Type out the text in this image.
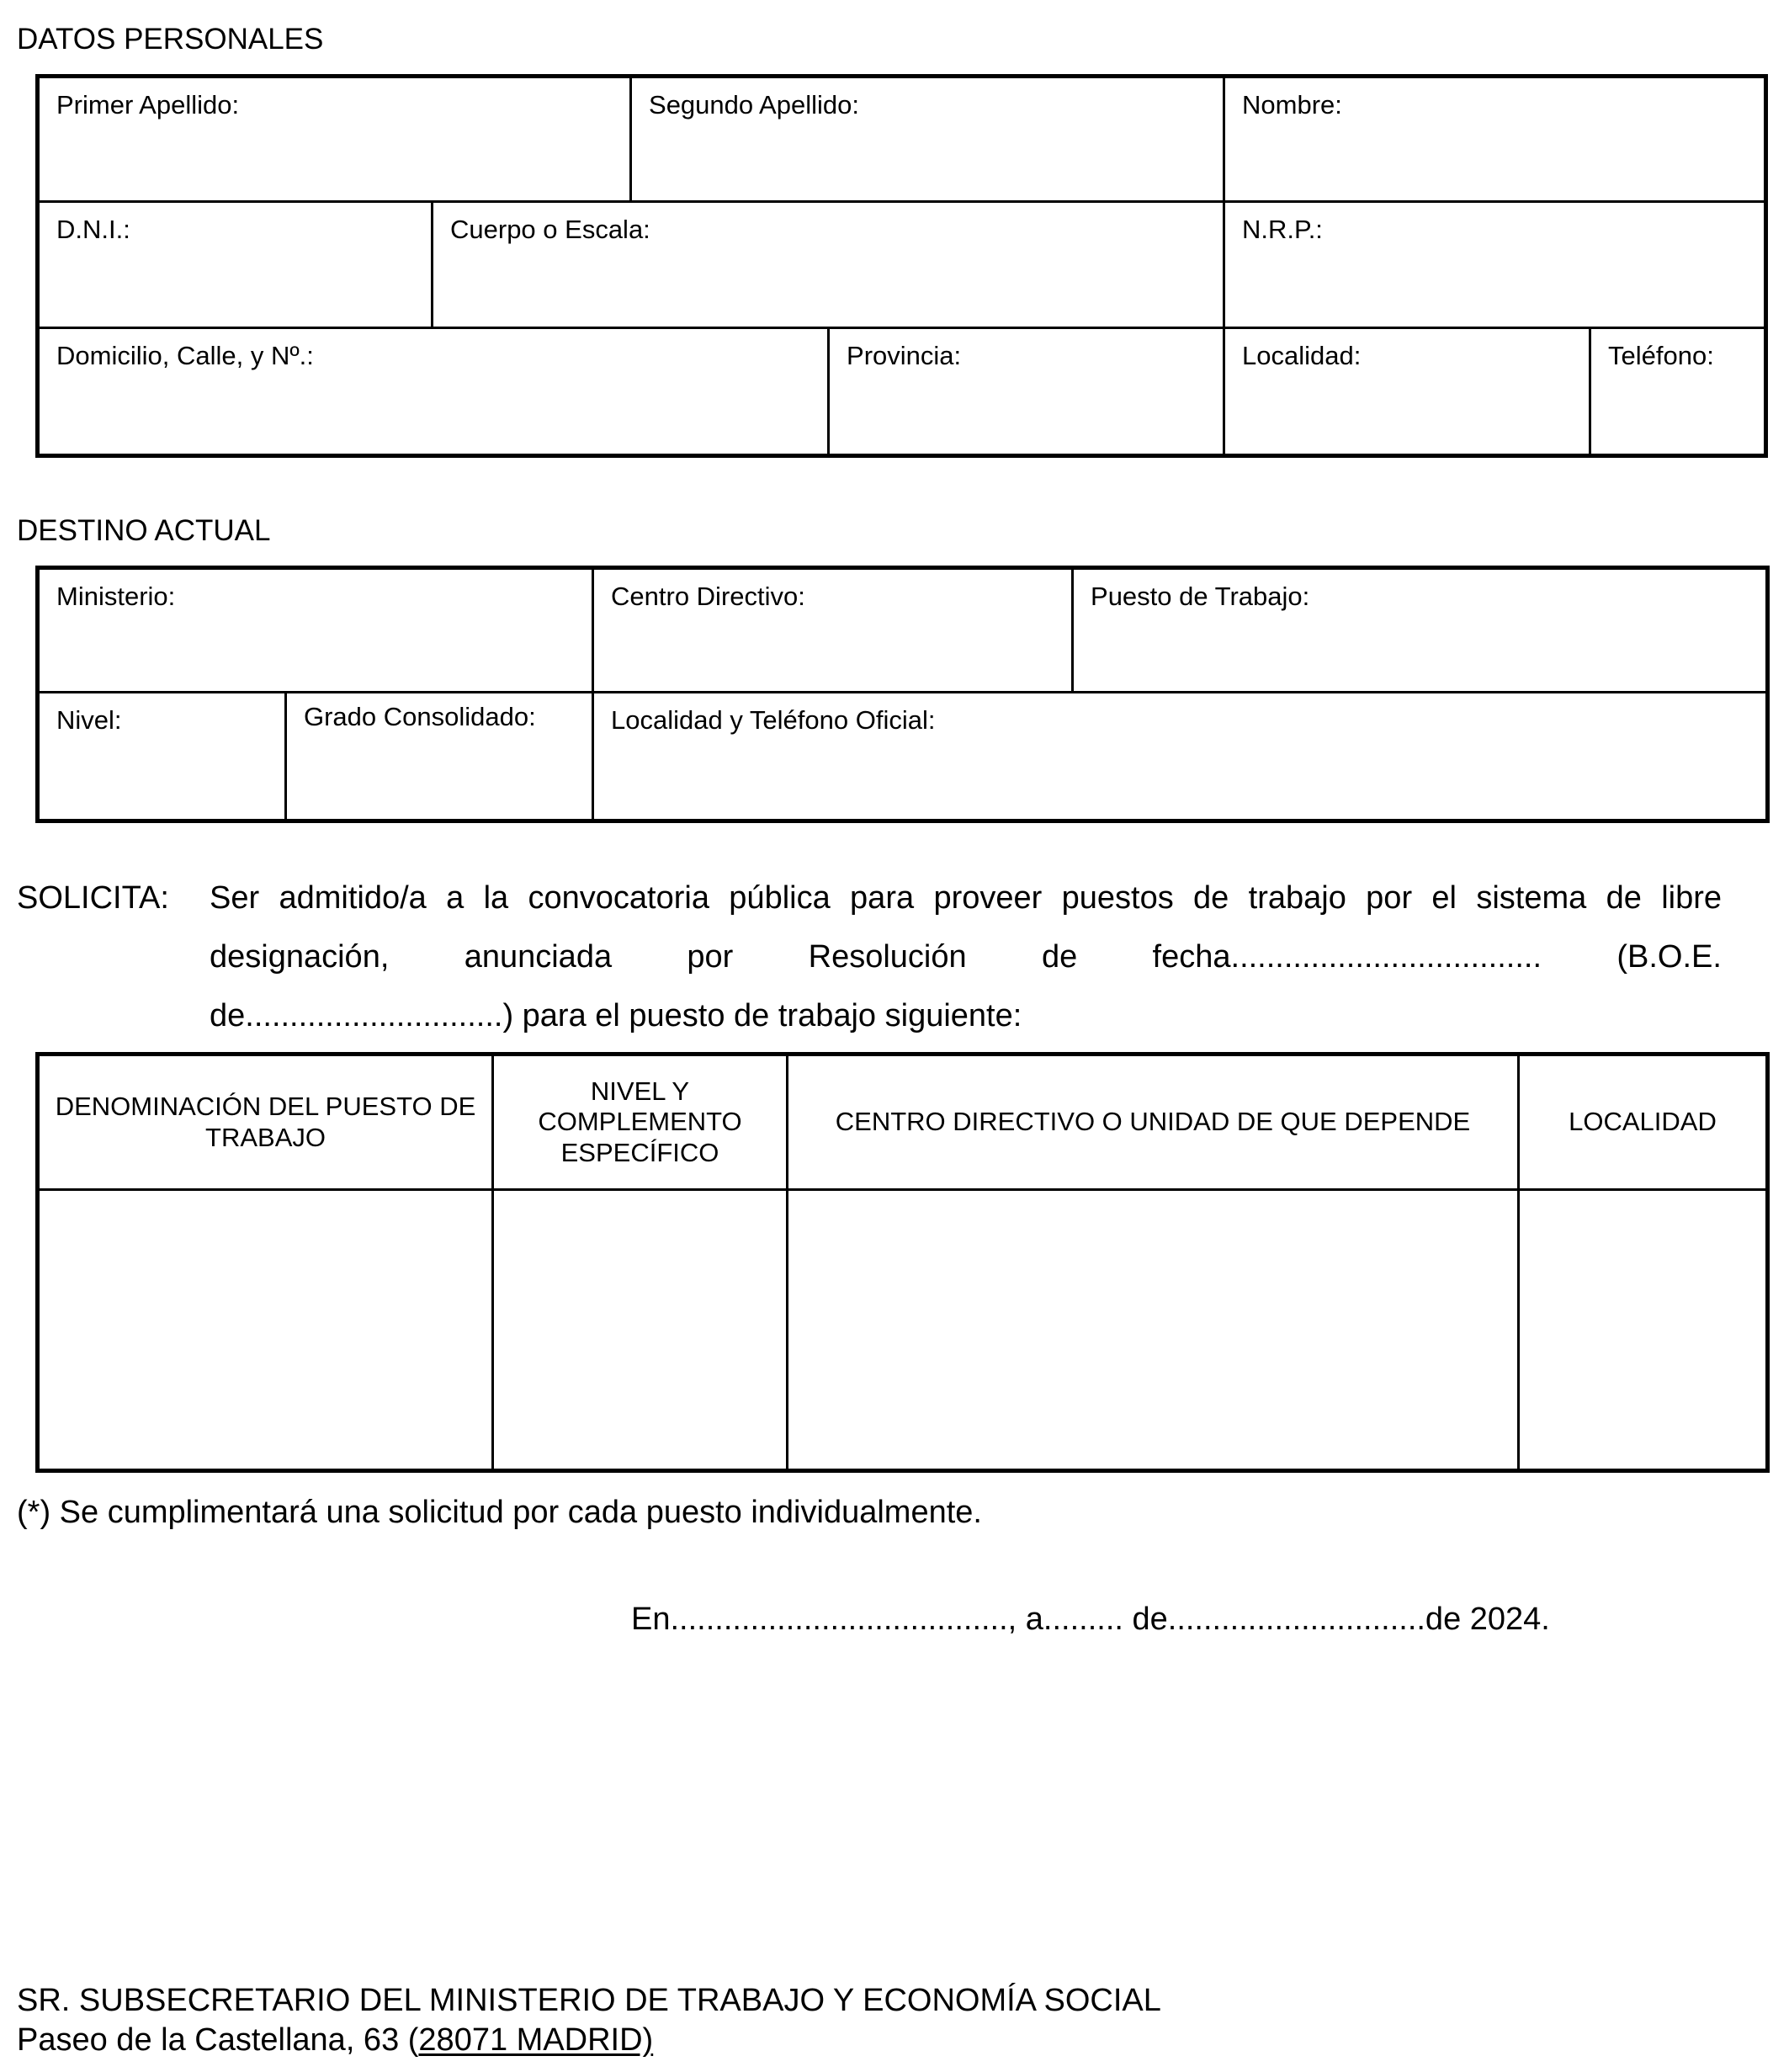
DATOS PERSONALES
Primer Apellido:		Segundo Apellido:		Nombre:	
D.N.I.:	Cuerpo o Escala:			N.R.P.:	
Domicilio, Calle, y Nº.:			Provincia:	Localidad:	Teléfono:
DESTINO ACTUAL
Ministerio:		Centro Directivo:	Puesto de Trabajo:
Nivel:	Grado Consolidado:	Localidad y Teléfono Oficial:	
SOLICITA: Ser admitido/a a la convocatoria pública para proveer puestos de trabajo por el sistema de libre
designación, anunciada por Resolución de fecha................................... (B.O.E.
de.............................) para el puesto de trabajo siguiente:
DENOMINACIÓN DEL PUESTO DE TRABAJO	NIVEL Y COMPLEMENTO ESPECÍFICO	CENTRO DIRECTIVO O UNIDAD DE QUE DEPENDE	LOCALIDAD

(*) Se cumplimentará una solicitud por cada puesto individualmente.
En......................................, a......... de.............................de 2024.
SR. SUBSECRETARIO DEL MINISTERIO DE TRABAJO Y ECONOMÍA SOCIAL
Paseo de la Castellana, 63 (28071 MADRID)
